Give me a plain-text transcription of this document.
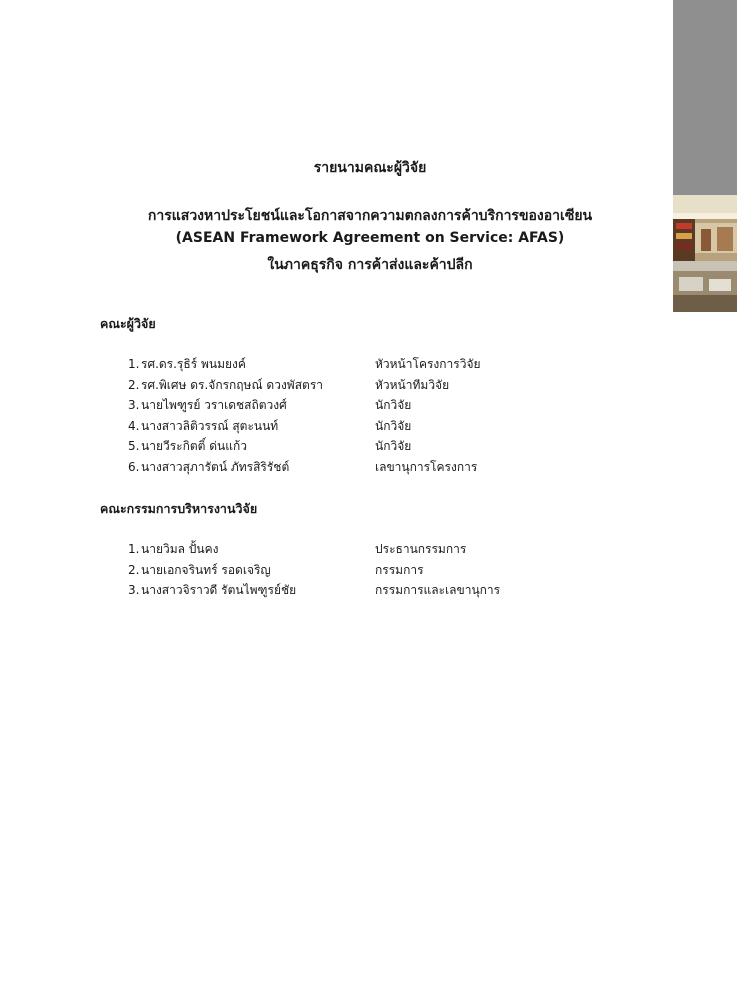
รายนามคณะผู้วิจัย
การแสวงหาประโยชน์และโอกาสจากความตกลงการค้าบริการของอาเซียน
(ASEAN Framework Agreement on Service: AFAS)
ในภาคธุรกิจ การค้าส่งและค้าปลีก
คณะผู้วิจัย
1. รศ.ดร.รุธิร์ พนมยงค์	หัวหน้าโครงการวิจัย
2. รศ.พิเศษ ดร.จักรกฤษณ์ ดวงพัสตรา	หัวหน้าทีมวิจัย
3. นายไพฑูรย์ วราเดชสถิตวงศ์	นักวิจัย
4. นางสาวลิติวรรณ์ สุตะนนท์	นักวิจัย
5. นายวีระกิตติ์ ด่นแก้ว	นักวิจัย
6. นางสาวสุภารัตน์ ภัทรสิริรัชต์	เลขานุการโครงการ
คณะกรรมการบริหารงานวิจัย
1. นายวิมล ปั้นคง	ประธานกรรมการ
2. นายเอกจรินทร์ รอดเจริญ	กรรมการ
3. นางสาวจิราวดี รัตนไพฑูรย์ชัย	กรรมการและเลขานุการ
